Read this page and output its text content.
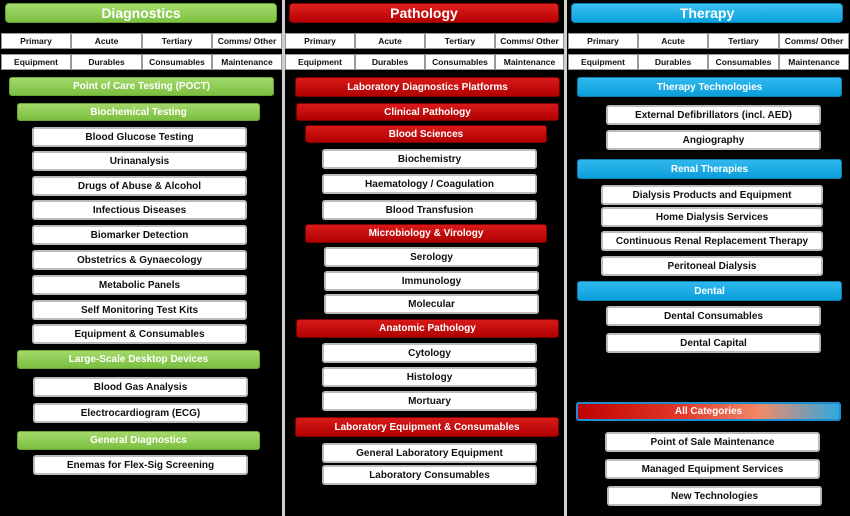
Diagnostics
Primary	Acute	Tertiary	Comms/ Other
Equipment	Durables	Consumables	Maintenance
Point of Care Testing (POCT)
Biochemical Testing
Blood Glucose Testing
Urinanalysis
Drugs of Abuse & Alcohol
Infectious Diseases
Biomarker Detection
Obstetrics & Gynaecology
Metabolic Panels
Self Monitoring Test Kits
Equipment & Consumables
Large-Scale Desktop Devices
Blood Gas Analysis
Electrocardiogram (ECG)
General Diagnostics
Enemas for Flex-Sig Screening
Pathology
Primary	Acute	Tertiary	Comms/ Other
Equipment	Durables	Consumables	Maintenance
Laboratory Diagnostics Platforms
Clinical Pathology
Blood Sciences
Biochemistry
Haematology / Coagulation
Blood Transfusion
Microbiology & Virology
Serology
Immunology
Molecular
Anatomic Pathology
Cytology
Histology
Mortuary
Laboratory Equipment & Consumables
General Laboratory Equipment
Laboratory Consumables
Therapy
Primary	Acute	Tertiary	Comms/ Other
Equipment	Durables	Consumables	Maintenance
Therapy Technologies
External Defibrillators (incl. AED)
Angiography
Renal Therapies
Dialysis Products and Equipment
Home Dialysis Services
Continuous Renal Replacement Therapy
Peritoneal Dialysis
Dental
Dental Consumables
Dental Capital
All Categories
Point of Sale Maintenance
Managed Equipment Services
New Technologies
